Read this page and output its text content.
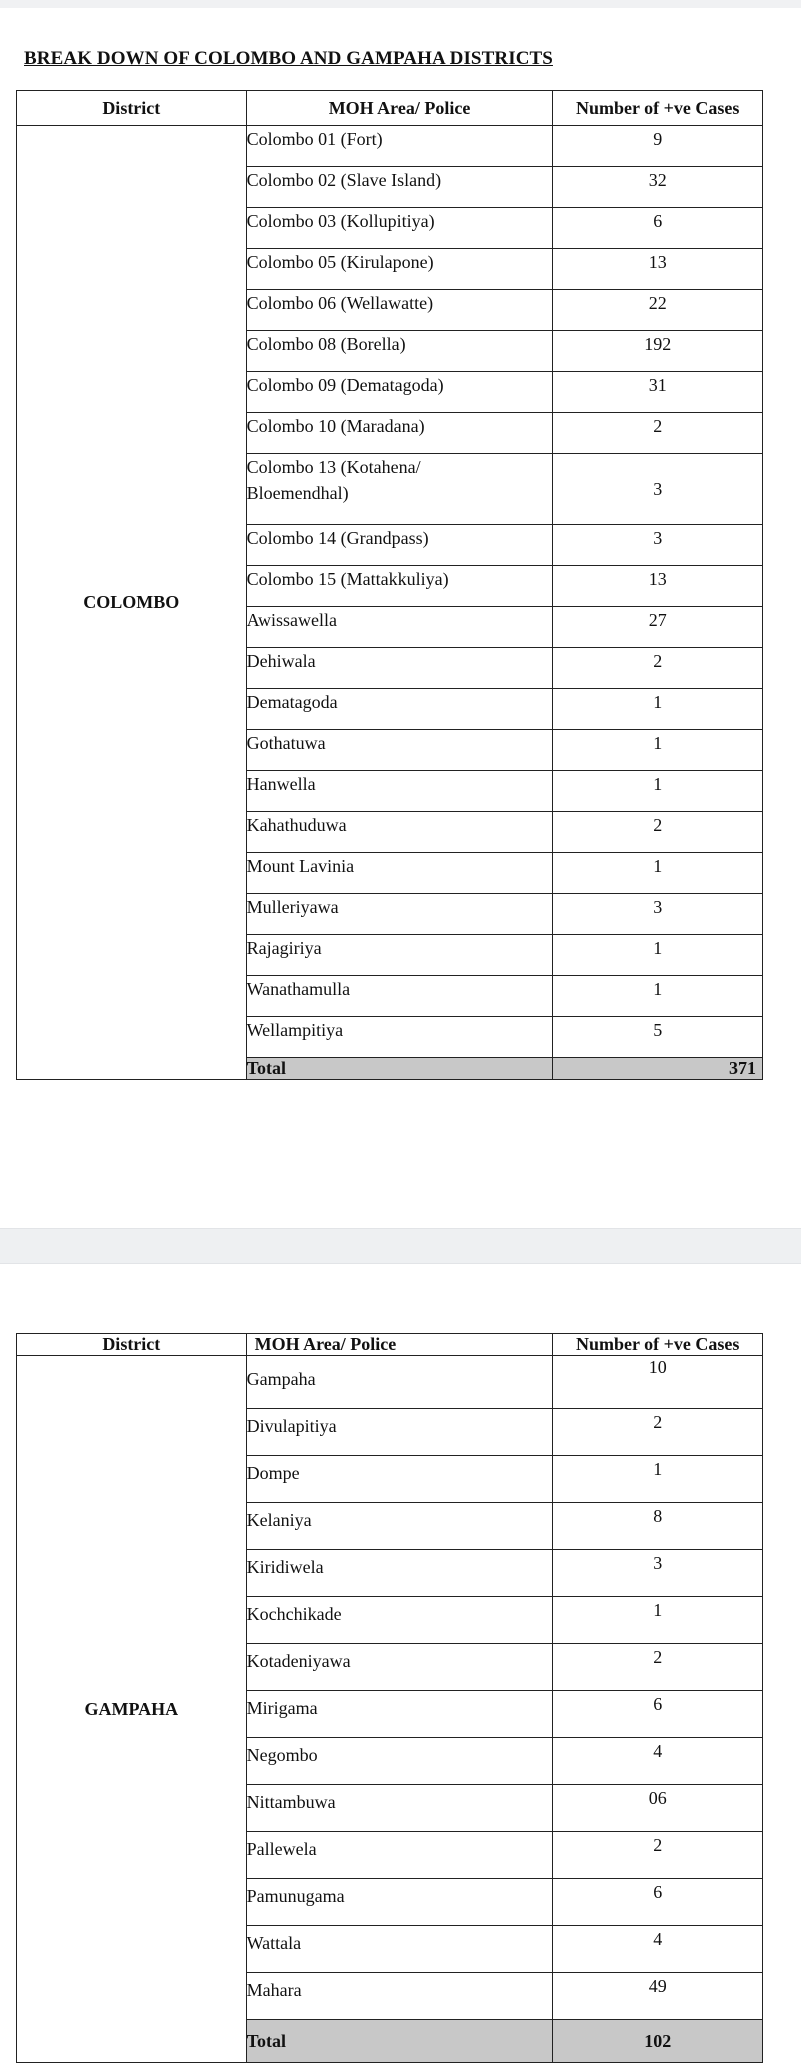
BREAK DOWN OF COLOMBO AND GAMPAHA DISTRICTS
District	MOH Area/ Police	Number of +ve Cases
COLOMBO	Colombo 01 (Fort)	9
	Colombo 02 (Slave Island)	32
	Colombo 03 (Kollupitiya)	6
	Colombo 05 (Kirulapone)	13
	Colombo 06 (Wellawatte)	22
	Colombo 08 (Borella)	192
	Colombo 09 (Dematagoda)	31
	Colombo 10 (Maradana)	2

	Colombo 13 (Kotahena/
Bloemendhal)	3
	Colombo 14 (Grandpass)	3
	Colombo 15 (Mattakkuliya)	13
	Awissawella	27
	Dehiwala	2
	Dematagoda	1
	Gothatuwa	1
	Hanwella	1
	Kahathuduwa	2
	Mount Lavinia	1
	Mulleriyawa	3
	Rajagiriya	1
	Wanathamulla	1
	Wellampitiya	5
	Total	371
District	MOH Area/ Police	Number of +ve Cases
GAMPAHA	Gampaha	10
	Divulapitiya	2
	Dompe	1
	Kelaniya	8
	Kiridiwela	3
	Kochchikade	1
	Kotadeniyawa	2
	Mirigama	6
	Negombo	4
	Nittambuwa	06
	Pallewela	2
	Pamunugama	6
	Wattala	4
	Mahara	49
	Total	102
